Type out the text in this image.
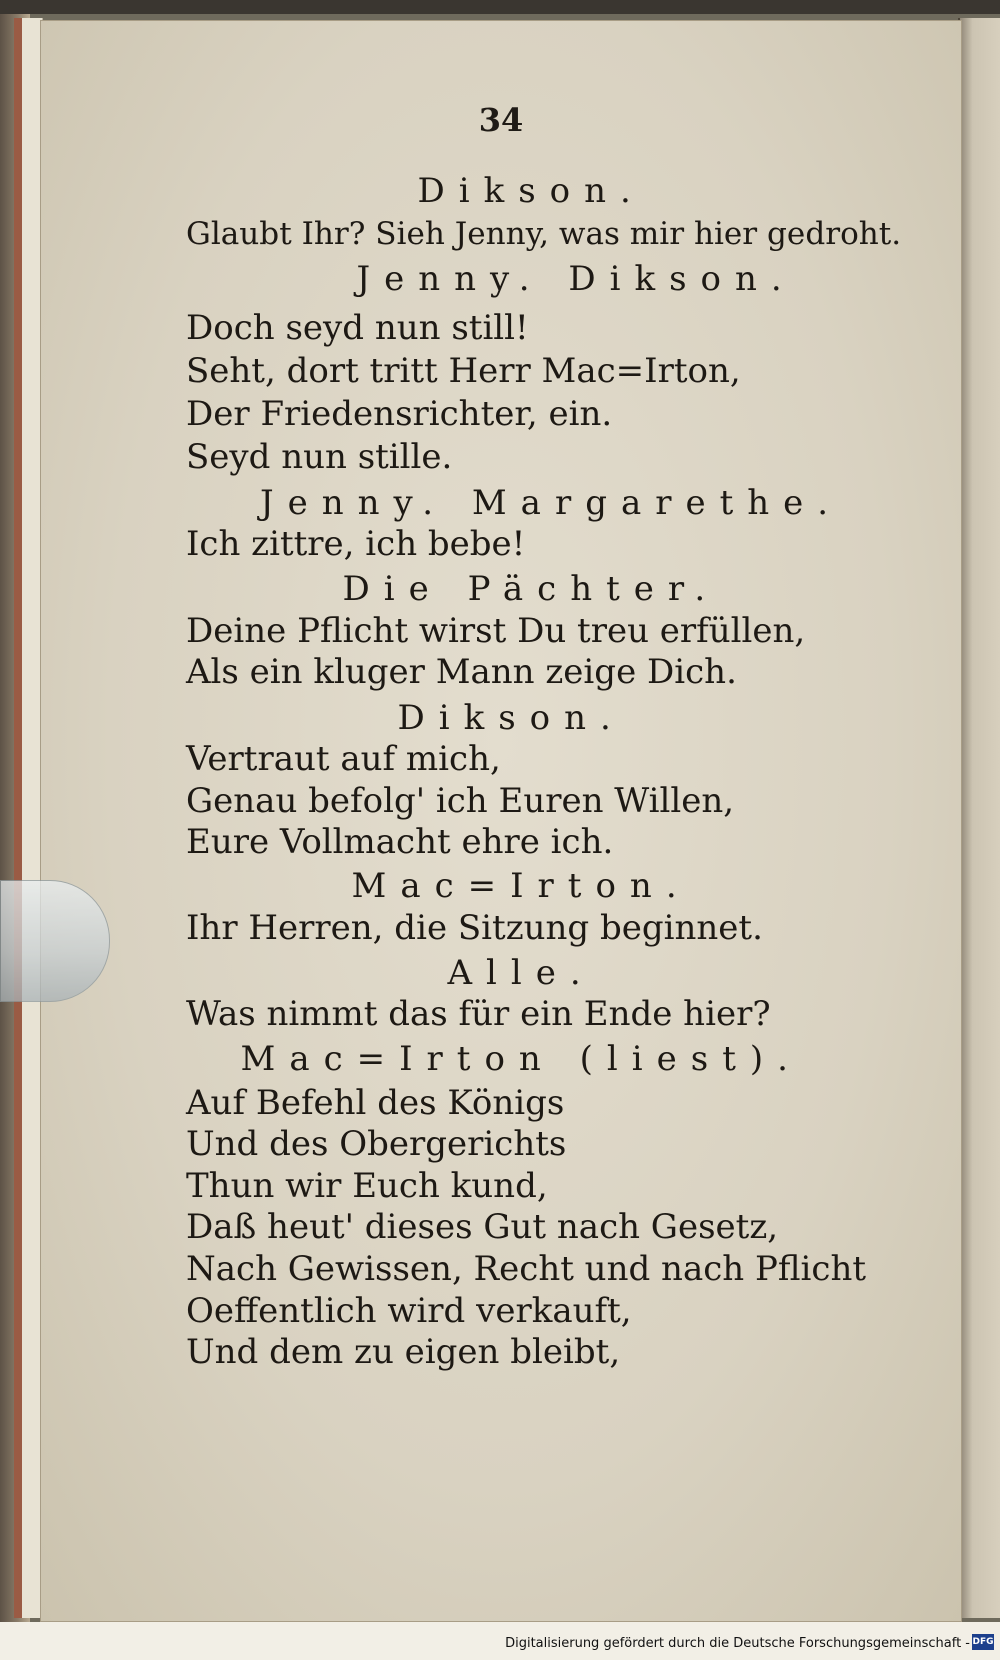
34
Dikson.
Glaubt Ihr? Sieh Jenny, was mir hier gedroht.
Jenny. Dikson.
Doch seyd nun still!
Seht, dort tritt Herr Mac=Irton,
Der Friedensrichter, ein.
Seyd nun stille.
Jenny. Margarethe.
Ich zittre, ich bebe!
Die Pächter.
Deine Pflicht wirst Du treu erfüllen,
Als ein kluger Mann zeige Dich.
Dikson.
Vertraut auf mich,
Genau befolg' ich Euren Willen,
Eure Vollmacht ehre ich.
Mac=Irton.
Ihr Herren, die Sitzung beginnet.
Alle.
Was nimmt das für ein Ende hier?
Mac=Irton (liest).
Auf Befehl des Königs
Und des Obergerichts
Thun wir Euch kund,
Daß heut' dieses Gut nach Gesetz,
Nach Gewissen, Recht und nach Pflicht
Oeffentlich wird verkauft,
Und dem zu eigen bleibt,
Digitalisierung gefördert durch die Deutsche Forschungsgemeinschaft - DFG
